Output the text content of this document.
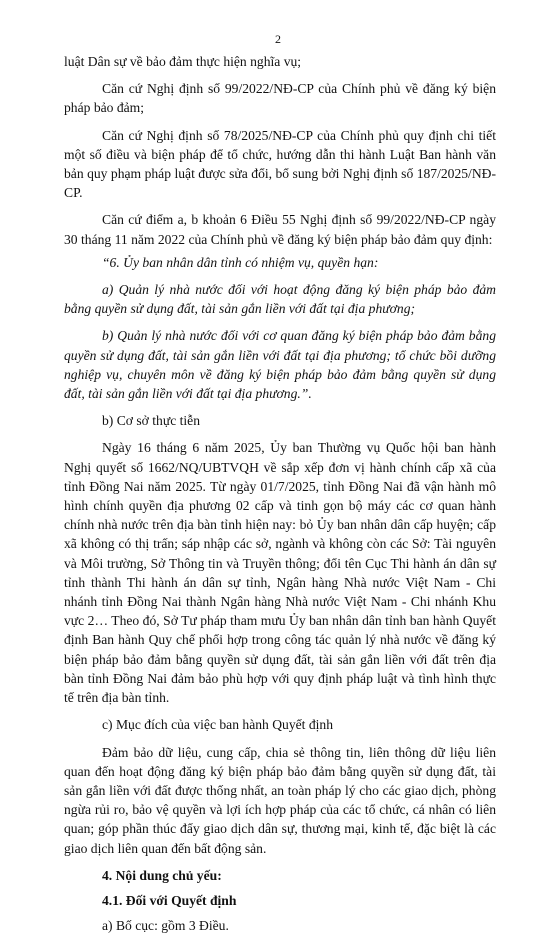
2

luật Dân sự về bảo đảm thực hiện nghĩa vụ;

Căn cứ Nghị định số 99/2022/NĐ-CP của Chính phủ về đăng ký biện pháp bảo đảm;

Căn cứ Nghị định số 78/2025/NĐ-CP của Chính phủ quy định chi tiết một số điều và biện pháp để tổ chức, hướng dẫn thi hành Luật Ban hành văn bản quy phạm pháp luật được sửa đổi, bổ sung bởi Nghị định số 187/2025/NĐ-CP.

Căn cứ điểm a, b khoản 6 Điều 55 Nghị định số 99/2022/NĐ-CP ngày 30 tháng 11 năm 2022 của Chính phủ về đăng ký biện pháp bảo đảm quy định:

“6. Ủy ban nhân dân tỉnh có nhiệm vụ, quyền hạn:

a) Quản lý nhà nước đối với hoạt động đăng ký biện pháp bảo đảm bằng quyền sử dụng đất, tài sản gắn liền với đất tại địa phương;

b) Quản lý nhà nước đối với cơ quan đăng ký biện pháp bảo đảm bằng quyền sử dụng đất, tài sản gắn liền với đất tại địa phương; tổ chức bồi dưỡng nghiệp vụ, chuyên môn về đăng ký biện pháp bảo đảm bằng quyền sử dụng đất, tài sản gắn liền với đất tại địa phương.”.

b) Cơ sở thực tiễn

Ngày 16 tháng 6 năm 2025, Ủy ban Thường vụ Quốc hội ban hành Nghị quyết số 1662/NQ/UBTVQH về sắp xếp đơn vị hành chính cấp xã của tỉnh Đồng Nai năm 2025. Từ ngày 01/7/2025, tỉnh Đồng Nai đã vận hành mô hình chính quyền địa phương 02 cấp và tinh gọn bộ máy các cơ quan hành chính nhà nước trên địa bàn tỉnh hiện nay: bỏ Ủy ban nhân dân cấp huyện; cấp xã không có thị trấn; sáp nhập các sở, ngành và không còn các Sở: Tài nguyên và Môi trường, Sở Thông tin và Truyền thông; đổi tên Cục Thi hành án dân sự tỉnh thành Thi hành án dân sự tỉnh, Ngân hàng Nhà nước Việt Nam - Chi nhánh tỉnh Đồng Nai thành Ngân hàng Nhà nước Việt Nam - Chi nhánh Khu vực 2… Theo đó, Sở Tư pháp tham mưu Ủy ban nhân dân tỉnh ban hành Quyết định Ban hành Quy chế phối hợp trong công tác quản lý nhà nước về đăng ký biện pháp bảo đảm bằng quyền sử dụng đất, tài sản gắn liền với đất trên địa bàn tỉnh Đồng Nai đảm bảo phù hợp với quy định pháp luật và tình hình thực tế trên địa bàn tỉnh.

c) Mục đích của việc ban hành Quyết định

Đảm bảo dữ liệu, cung cấp, chia sẻ thông tin, liên thông dữ liệu liên quan đến hoạt động đăng ký biện pháp bảo đảm bằng quyền sử dụng đất, tài sản gắn liền với đất được thống nhất, an toàn pháp lý cho các giao dịch, phòng ngừa rủi ro, bảo vệ quyền và lợi ích hợp pháp của các tổ chức, cá nhân có liên quan; góp phần thúc đẩy giao dịch dân sự, thương mại, kinh tế, đặc biệt là các giao dịch liên quan đến bất động sản.

4. Nội dung chủ yếu:

4.1. Đối với Quyết định

a) Bố cục: gồm 3 Điều.
